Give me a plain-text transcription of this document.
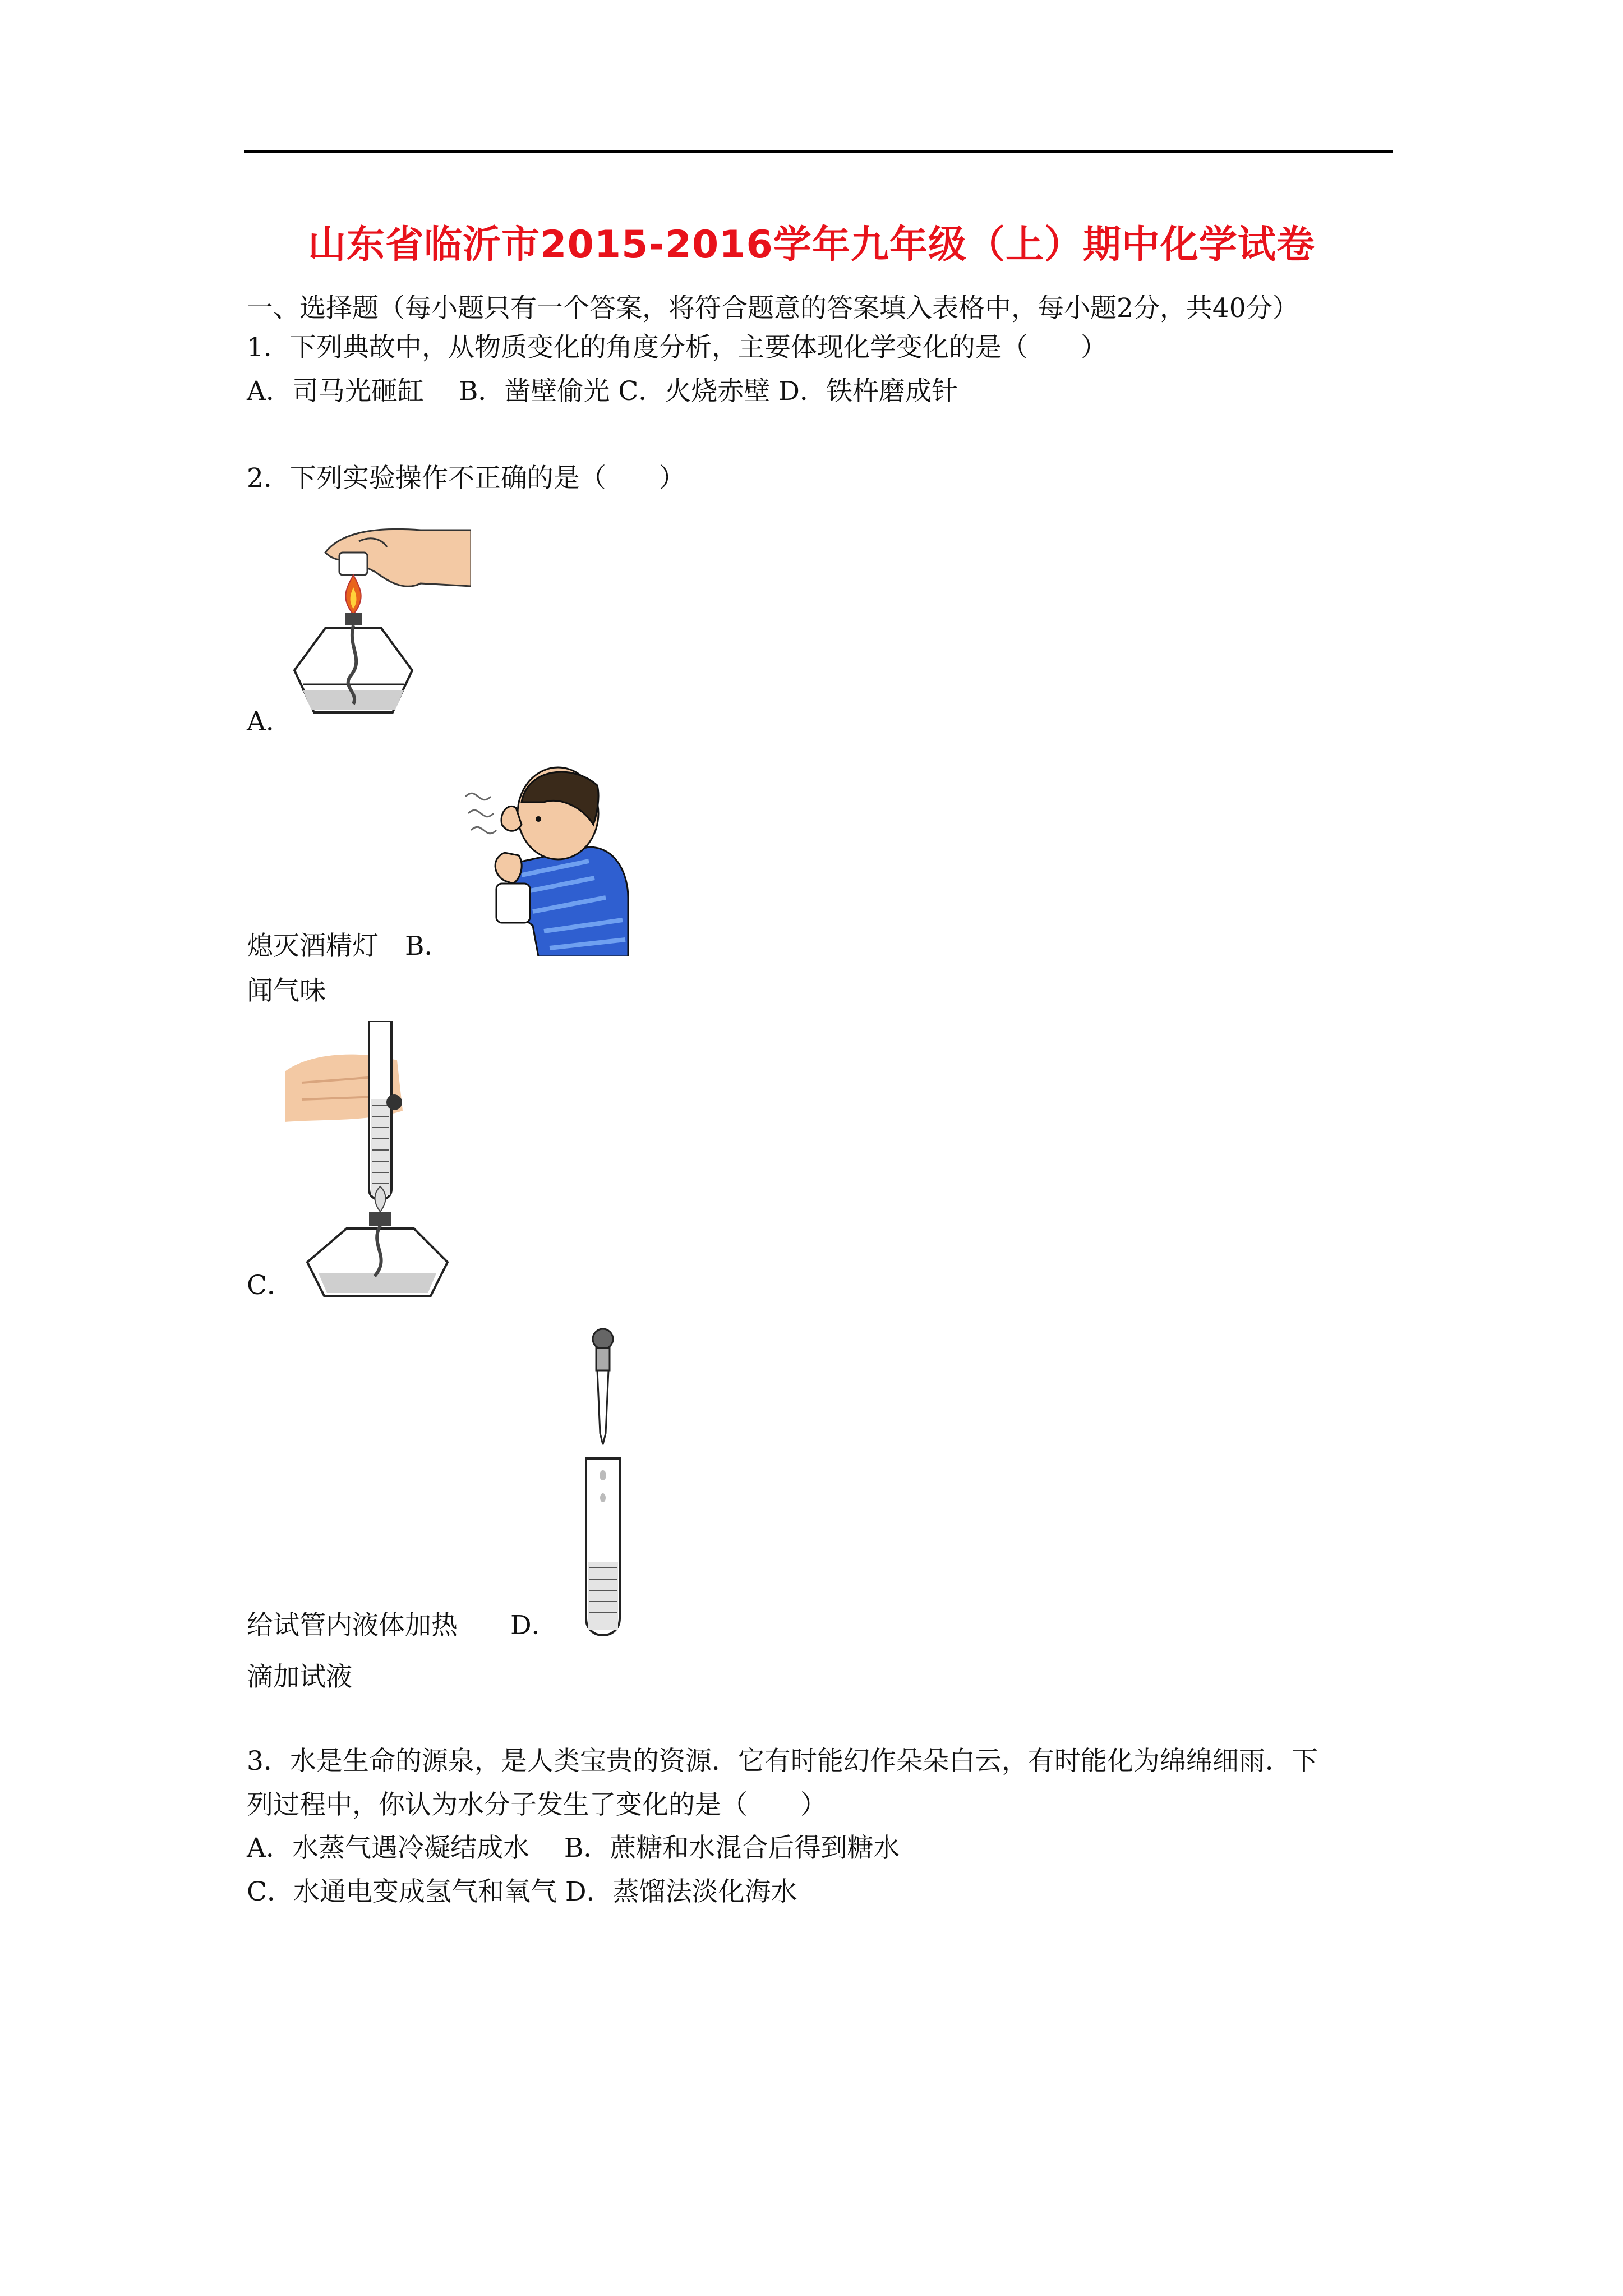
山东省临沂市2015-2016学年九年级（上）期中化学试卷
一、选择题（每小题只有一个答案，将符合题意的答案填入表格中，每小题2分，共40分）
1．下列典故中，从物质变化的角度分析，主要体现化学变化的是（　　）
A．司马光砸缸　 B．凿壁偷光 C．火烧赤壁 D．铁杵磨成针
2．下列实验操作不正确的是（　　）
A．
熄灭酒精灯　B．
闻气味
C．
给试管内液体加热　　D．
滴加试液
3．水是生命的源泉，是人类宝贵的资源．它有时能幻作朵朵白云，有时能化为绵绵细雨．下
列过程中，你认为水分子发生了变化的是（　　）
A．水蒸气遇冷凝结成水　 B．蔗糖和水混合后得到糖水
C．水通电变成氢气和氧气 D．蒸馏法淡化海水
